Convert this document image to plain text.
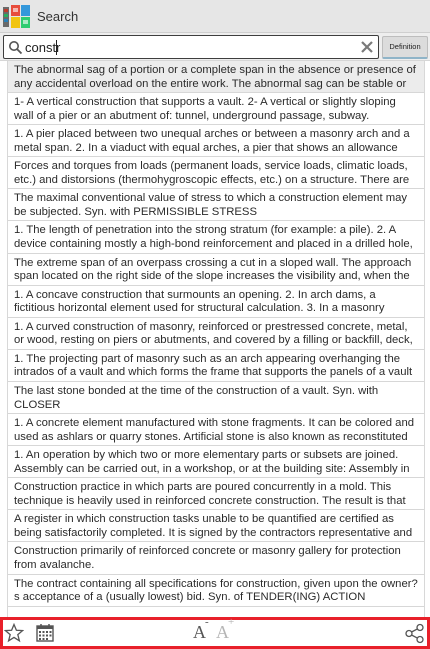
Search
constr
Definition
The abnormal sag of a portion or a complete span in the absence or presence of any accidental overload on the entire work. The abnormal sag can be stable or
1- A vertical construction that supports a vault. 2- A vertical or slightly sloping wall of a pier or an abutment of: tunnel, underground passage, subway.
1. A pier placed between two unequal arches or between a masonry arch and a metal span. 2. In a viaduct with equal arches, a pier that shows an allowance
Forces and torques from loads (permanent loads, service loads, climatic loads, etc.) and distorsions (thermohygroscopic effects, etc.) on a structure. There are
The maximal conventional value of stress to which a construction element may be subjected. Syn. with PERMISSIBLE STRESS
1. The length of penetration into the strong stratum (for example: a pile). 2. A device containing mostly a high-bond reinforcement and placed in a drilled hole,
The extreme span of an overpass crossing a cut in a sloped wall. The approach span located on the right side of the slope increases the visibility and, when the
1. A concave construction that surmounts an opening. 2. In arch dams, a fictitious horizontal element used for structural calculation. 3. In a masonry
1. A curved construction of masonry, reinforced or prestressed concrete, metal, or wood, resting on piers or abutments, and covered by a filling or backfill, deck,
1. The projecting part of masonry such as an arch appearing overhanging the intrados of a vault and which forms the frame that supports the panels of a vault
The last stone bonded at the time of the construction of a vault. Syn. with CLOSER
1. A concrete element manufactured with stone fragments. It can be colored and used as ashlars or quarry stones. Artificial stone is also known as reconstituted
1. An operation by which two or more elementary parts or subsets are joined. Assembly can be carried out, in a workshop, or at the building site: Assembly in
Construction practice in which parts are poured concurrently in a mold. This technique is heavily used in reinforced concrete construction. The result is that
A register in which construction tasks unable to be quantified are certified as being satisfactorily completed. It is signed by the contractors representative and
Construction primarily of reinforced concrete or masonry gallery for protection from avalanche.
The contract containing all specifications for construction, given upon the owner?s acceptance of a (usually lowest) bid. Syn. of TENDER(ING) ACTION
A- A+
